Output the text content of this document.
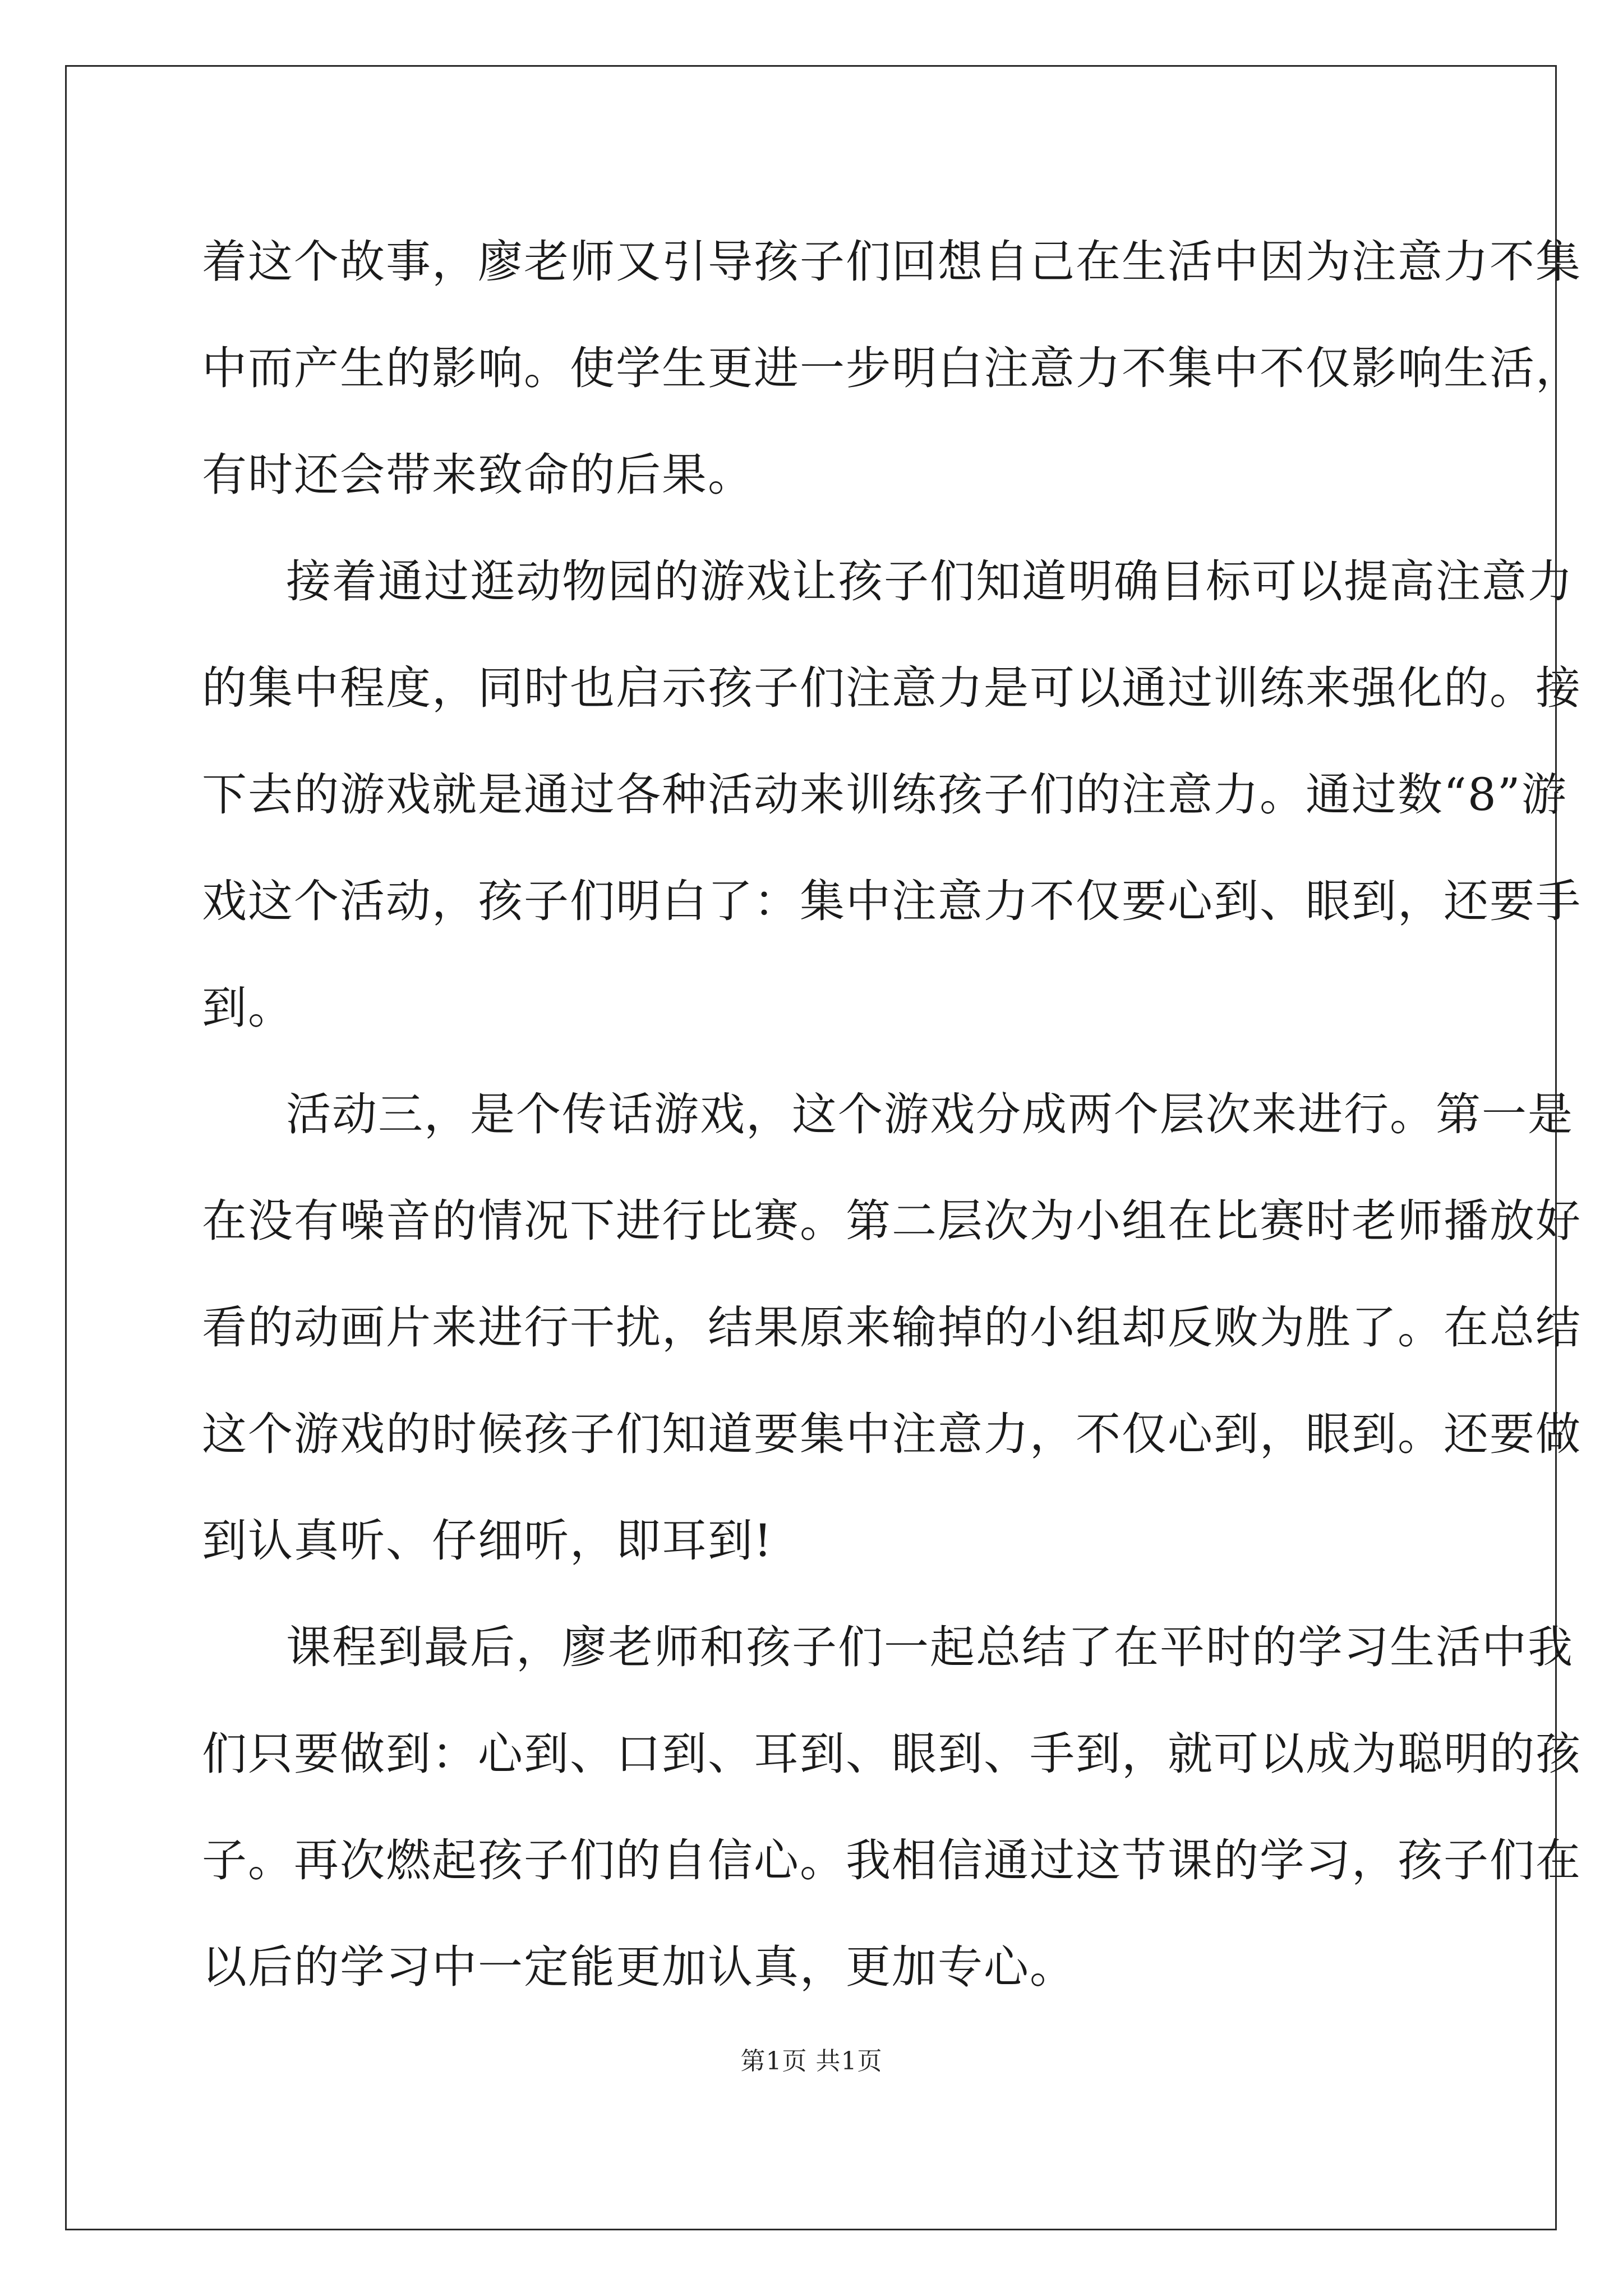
着这个故事，廖老师又引导孩子们回想自己在生活中因为注意力不集
中而产生的影响。使学生更进一步明白注意力不集中不仅影响生活，
有时还会带来致命的后果。
接着通过逛动物园的游戏让孩子们知道明确目标可以提高注意力
的集中程度，同时也启示孩子们注意力是可以通过训练来强化的。接
下去的游戏就是通过各种活动来训练孩子们的注意力。通过数“8”游
戏这个活动，孩子们明白了：集中注意力不仅要心到、眼到，还要手
到。
活动三，是个传话游戏，这个游戏分成两个层次来进行。第一是
在没有噪音的情况下进行比赛。第二层次为小组在比赛时老师播放好
看的动画片来进行干扰，结果原来输掉的小组却反败为胜了。在总结
这个游戏的时候孩子们知道要集中注意力，不仅心到，眼到。还要做
到认真听、仔细听，即耳到!
课程到最后，廖老师和孩子们一起总结了在平时的学习生活中我
们只要做到：心到、口到、耳到、眼到、手到，就可以成为聪明的孩
子。再次燃起孩子们的自信心。我相信通过这节课的学习，孩子们在
以后的学习中一定能更加认真，更加专心。
第1页 共1页
